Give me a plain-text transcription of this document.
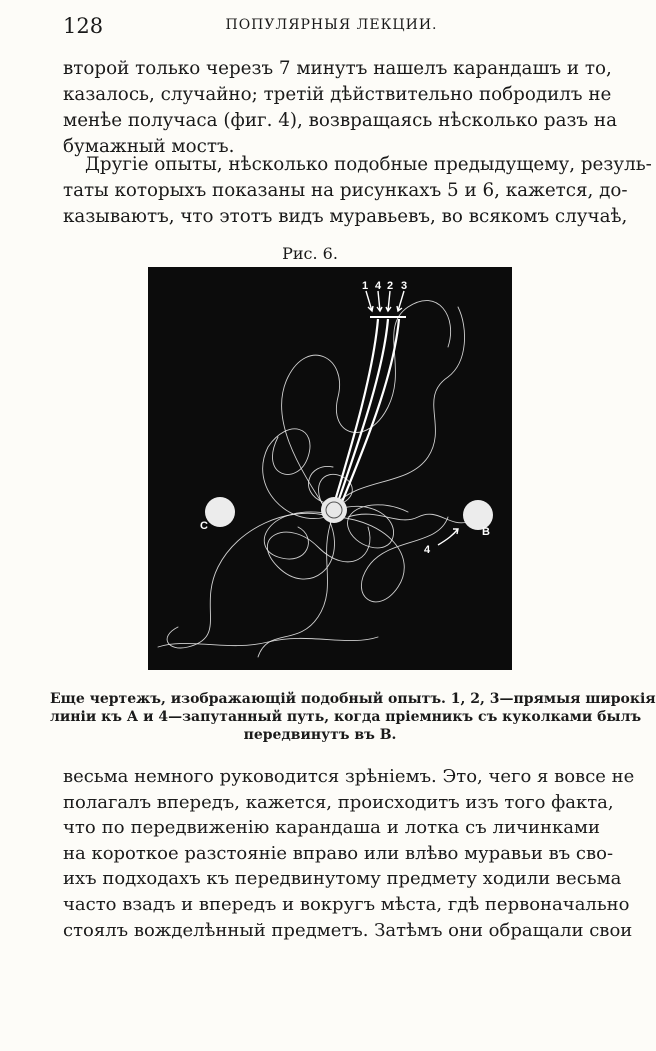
128	ПОПУЛЯРНЫЯ ЛЕКЦИИ.
второй только черезъ 7 минутъ нашелъ карандашъ и то,
казалось, случайно; третій дѣйствительно побродилъ не
менѣе получаса (фиг. 4), возвращаясь нѣсколько разъ на
бумажный мостъ.
Другіе опыты, нѣсколько подобные предыдущему, резуль-
таты которыхъ показаны на рисункахъ 5 и 6, кажется, до-
казываютъ, что этотъ видъ муравьевъ, во всякомъ случаѣ,
Рис. 6.
1 4 2 3
C	B
4
Еще чертежъ, изображающій подобный опытъ. 1, 2, 3—прямыя широкія
линіи къ А и 4—запутанный путь, когда пріемникъ съ куколками былъ
передвинутъ въ В.
весьма немного руководится зрѣніемъ. Это, чего я вовсе не
полагалъ впередъ, кажется, происходитъ изъ того факта,
что по передвиженію карандаша и лотка съ личинками
на короткое разстояніе вправо или влѣво муравьи въ сво-
ихъ подходахъ къ передвинутому предмету ходили весьма
часто взадъ и впередъ и вокругъ мѣста, гдѣ первоначально
стоялъ вожделѣнный предметъ. Затѣмъ они обращали свои
